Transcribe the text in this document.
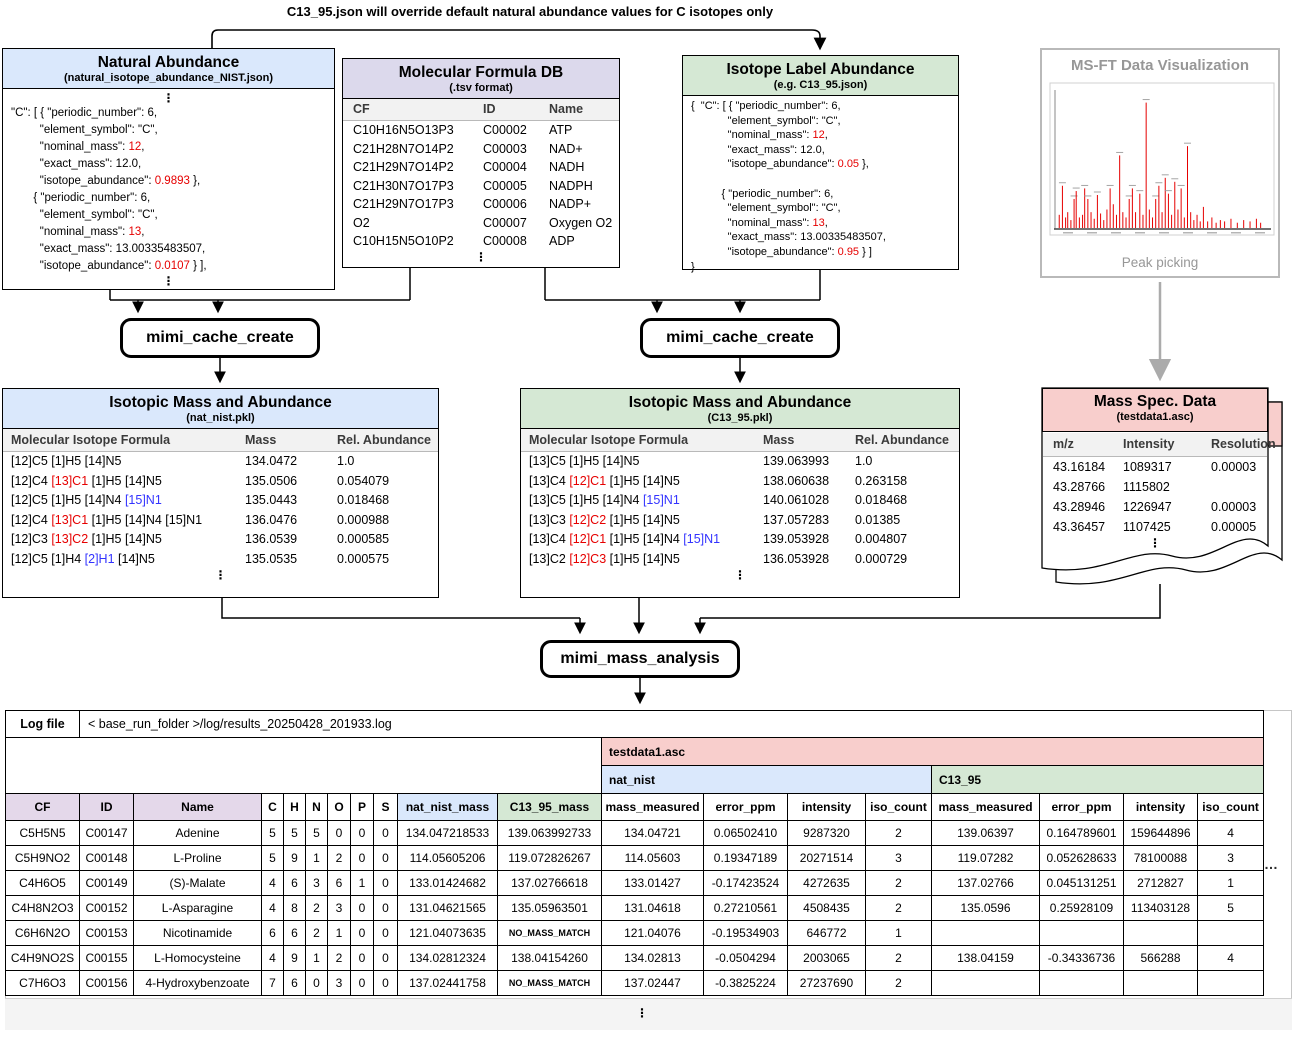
C13_95.json will override default natural abundance values for C isotopes only
Natural Abundance
(natural_isotope_abundance_NIST.json)
⋮
"C": [ { "periodic_number": 6,
"element_symbol": "C",
"nominal_mass": 12,
"exact_mass": 12.0,
"isotope_abundance": 0.9893 },
{ "periodic_number": 6,
"element_symbol": "C",
"nominal_mass": 13,
"exact_mass": 13.00335483507,
"isotope_abundance": 0.0107 } ],
⋮
Molecular Formula DB
(.tsv format)
CF	ID	Name
C10H16N5O13P3	C00002	ATP
C21H28N7O14P2	C00003	NAD+
C21H29N7O14P2	C00004	NADH
C21H30N7O17P3	C00005	NADPH
C21H29N7O17P3	C00006	NADP+
O2	C00007	Oxygen O2
C10H15N5O10P2	C00008	ADP
⋮
Isotope Label Abundance
(e.g. C13_95.json)
{  "C": [ { "periodic_number": 6,
"element_symbol": "C",
"nominal_mass": 12,
"exact_mass": 12.0,
"isotope_abundance": 0.05 },

{ "periodic_number": 6,
"element_symbol": "C",
"nominal_mass": 13,
"exact_mass": 13.00335483507,
"isotope_abundance": 0.95 } ]
}
MS-FT Data Visualization
Peak picking
mimi_cache_create	mimi_cache_create
Isotopic Mass and Abundance
(nat_nist.pkl)
Molecular Isotope Formula	Mass	Rel. Abundance
[12]C5 [1]H5 [14]N5	134.0472	1.0
[12]C4 [13]C1 [1]H5 [14]N5	135.0506	0.054079
[12]C5 [1]H5 [14]N4 [15]N1	135.0443	0.018468
[12]C4 [13]C1 [1]H5 [14]N4 [15]N1	136.0476	0.000988
[12]C3 [13]C2 [1]H5 [14]N5	136.0539	0.000585
[12]C5 [1]H4 [2]H1 [14]N5	135.0535	0.000575
⋮
Isotopic Mass and Abundance
(C13_95.pkl)
Molecular Isotope Formula	Mass	Rel. Abundance
[13]C5 [1]H5 [14]N5	139.063993	1.0
[13]C4 [12]C1 [1]H5 [14]N5	138.060638	0.263158
[13]C5 [1]H5 [14]N4 [15]N1	140.061028	0.018468
[13]C3 [12]C2 [1]H5 [14]N5	137.057283	0.01385
[13]C4 [12]C1 [1]H5 [14]N4 [15]N1	139.053928	0.004807
[13]C2 [12]C3 [1]H5 [14]N5	136.053928	0.000729
⋮
Mass Spec. Data
(testdata1.asc)
m/z	Intensity	Resolution
43.16184	1089317	0.00003
43.28766	1115802
43.28946	1226947	0.00003
43.36457	1107425	0.00005
⋮
mimi_mass_analysis
Log file	< base_run_folder >/log/results_20250428_201933.log																	
											testdata1.asc							
											nat_nist				C13_95			
CF	ID	Name	C	H	N	O	P	S	nat_nist_mass	C13_95_mass	mass_measured	error_ppm	intensity	iso_count	mass_measured	error_ppm	intensity	iso_count
C5H5N5	C00147	Adenine	5	5	5	0	0	0	134.047218533	139.063992733	134.04721	0.06502410	9287320	2	139.06397	0.164789601	159644896	4
C5H9NO2	C00148	L-Proline	5	9	1	2	0	0	114.05605206	119.072826267	114.05603	0.19347189	20271514	3	119.07282	0.052628633	78100088	3
C4H6O5	C00149	(S)-Malate	4	6	3	6	1	0	133.01424682	137.02766618	133.01427	-0.17423524	4272635	2	137.02766	0.045131251	2712827	1
C4H8N2O3	C00152	L-Asparagine	4	8	2	3	0	0	131.04621565	135.05963501	131.04618	0.27210561	4508435	2	135.0596	0.25928109	113403128	5
C6H6N2O	C00153	Nicotinamide	6	6	2	1	0	0	121.04073635	NO_MASS_MATCH	121.04076	-0.19534903	646772	1				
C4H9NO2S	C00155	L-Homocysteine	4	9	1	2	0	0	134.02812324	138.04154260	134.02813	-0.0504294	2003065	2	138.04159	-0.34336736	566288	4
C7H6O3	C00156	4-Hydroxybenzoate	7	6	0	3	0	0	137.02441758	NO_MASS_MATCH	137.02447	-0.3825224	27237690	2				
⋮
…
